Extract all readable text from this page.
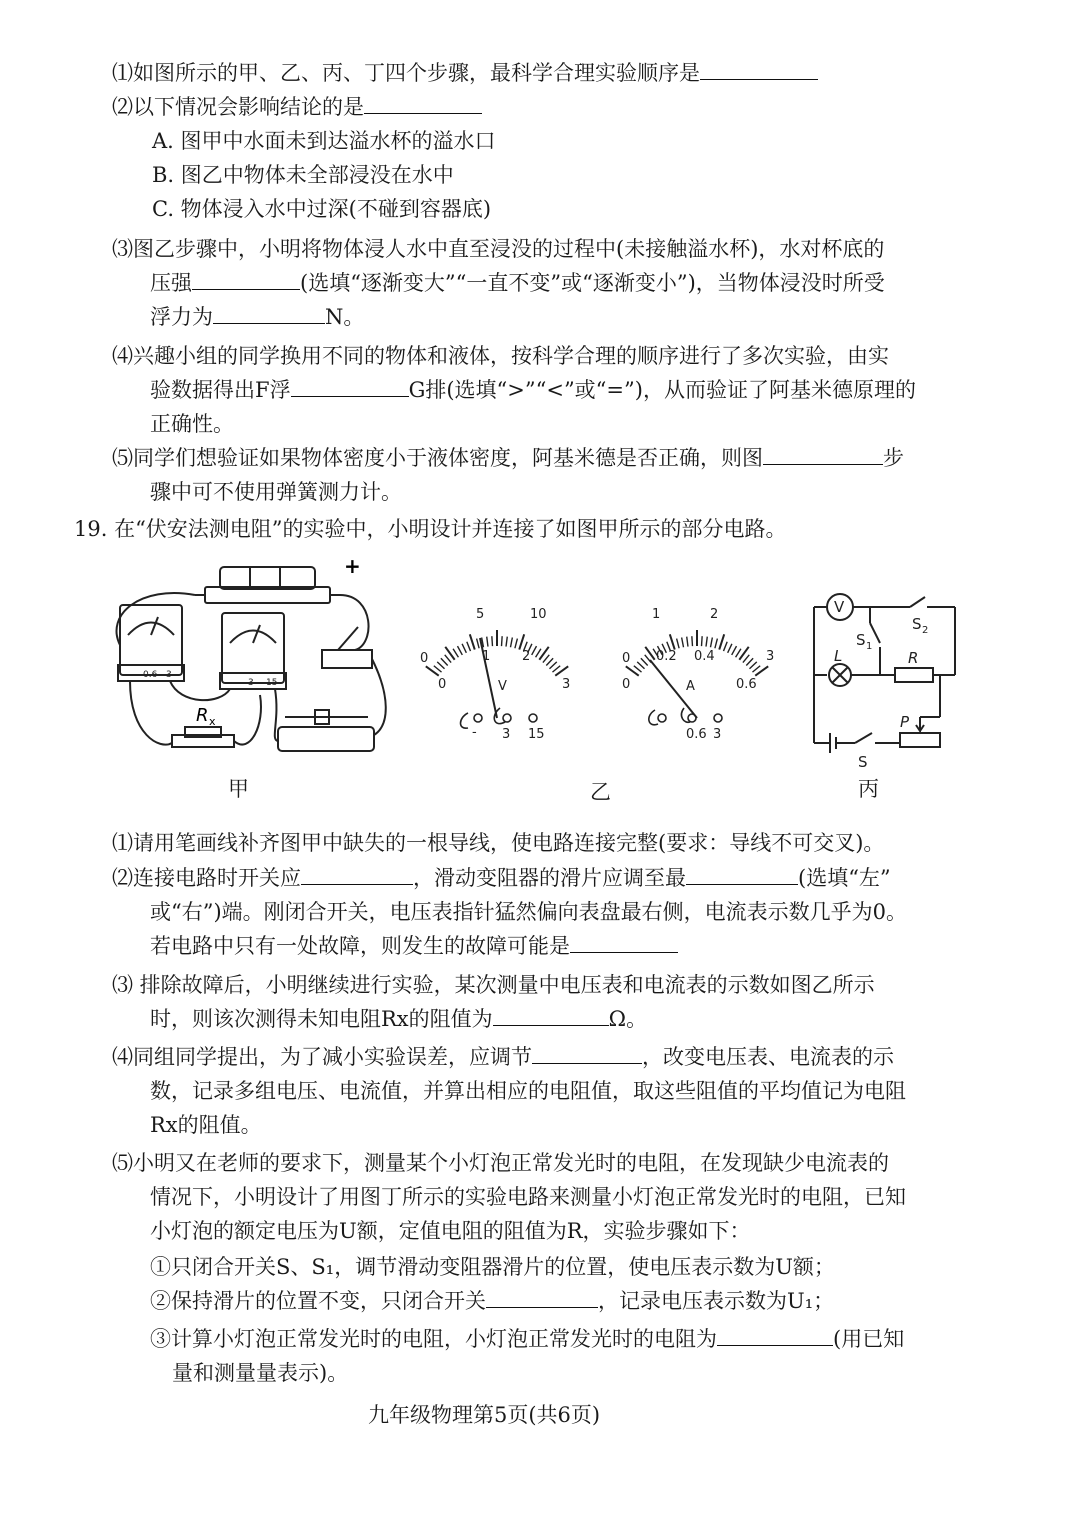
⑴如图所示的甲、乙、丙、丁四个步骤，最科学合理实验顺序是
⑵以下情况会影响结论的是
A. 图甲中水面未到达溢水杯的溢水口
B. 图乙中物体未全部浸没在水中
C. 物体浸入水中过深(不碰到容器底)
⑶图乙步骤中，小明将物体浸人水中直至浸没的过程中(未接触溢水杯)，水对杯底的
压强	(选填“逐渐变大”“一直不变”或“逐渐变小”)，当物体浸没时所受
浮力为	N。
⑷兴趣小组的同学换用不同的物体和液体，按科学合理的顺序进行了多次实验，由实
验数据得出F浮	G排(选填“>”“<”或“=”)，从而验证了阿基米德原理的
正确性。
⑸同学们想验证如果物体密度小于液体密度，阿基米德是否正确，则图	步
骤中可不使用弹簧测力计。
19. 在“伏安法测电阻”的实验中，小明设计并连接了如图甲所示的部分电路。
+
- 0.6 3
- 3 15
R x
甲
0
5	10
0
1 2
3
V
- 3 15
0
1	2
0
0.2 0.4
0.6
3
A
0.6 3
乙
V
S 1
S 2
L	R
P
S
丙
⑴请用笔画线补齐图甲中缺失的一根导线，使电路连接完整(要求：导线不可交叉)。
⑵连接电路时开关应	，滑动变阻器的滑片应调至最	(选填“左”
或“右”)端。刚闭合开关，电压表指针猛然偏向表盘最右侧，电流表示数几乎为0。
若电路中只有一处故障，则发生的故障可能是
⑶ 排除故障后，小明继续进行实验，某次测量中电压表和电流表的示数如图乙所示
时，则该次测得未知电阻Rx的阻值为	Ω。
⑷同组同学提出，为了减小实验误差，应调节	，改变电压表、电流表的示
数，记录多组电压、电流值，并算出相应的电阻值，取这些阻值的平均值记为电阻
Rx的阻值。
⑸小明又在老师的要求下，测量某个小灯泡正常发光时的电阻，在发现缺少电流表的
情况下，小明设计了用图丁所示的实验电路来测量小灯泡正常发光时的电阻，已知
小灯泡的额定电压为U额，定值电阻的阻值为R，实验步骤如下：
①只闭合开关S、S₁，调节滑动变阻器滑片的位置，使电压表示数为U额；
②保持滑片的位置不变，只闭合开关	，记录电压表示数为U₁；
③计算小灯泡正常发光时的电阻，小灯泡正常发光时的电阻为	(用已知
量和测量量表示)。
九年级物理第5页(共6页)
